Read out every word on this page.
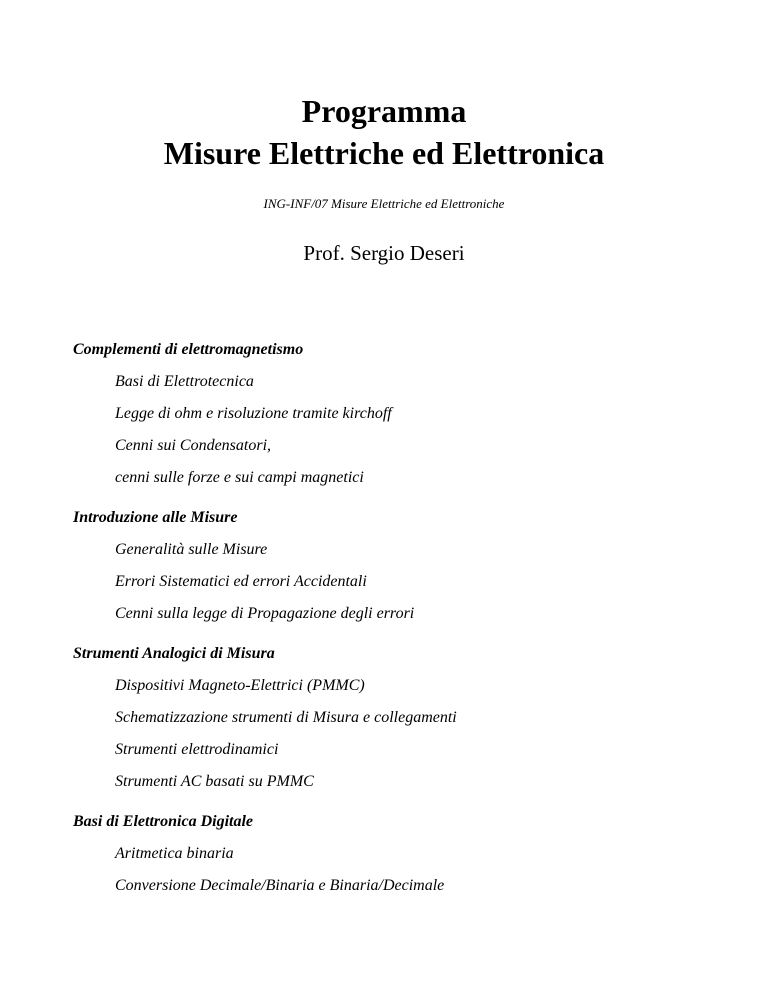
Programma
Misure Elettriche ed Elettronica
ING-INF/07 Misure Elettriche ed Elettroniche
Prof. Sergio Deseri
Complementi di elettromagnetismo
Basi di Elettrotecnica
Legge di ohm e risoluzione tramite kirchoff
Cenni sui Condensatori,
cenni sulle forze e sui campi magnetici
Introduzione alle Misure
Generalità sulle Misure
Errori Sistematici ed errori Accidentali
Cenni sulla legge di Propagazione degli errori
Strumenti Analogici di Misura
Dispositivi Magneto-Elettrici (PMMC)
Schematizzazione strumenti di Misura e collegamenti
Strumenti elettrodinamici
Strumenti AC basati su PMMC
Basi di Elettronica Digitale
Aritmetica binaria
Conversione Decimale/Binaria e Binaria/Decimale
